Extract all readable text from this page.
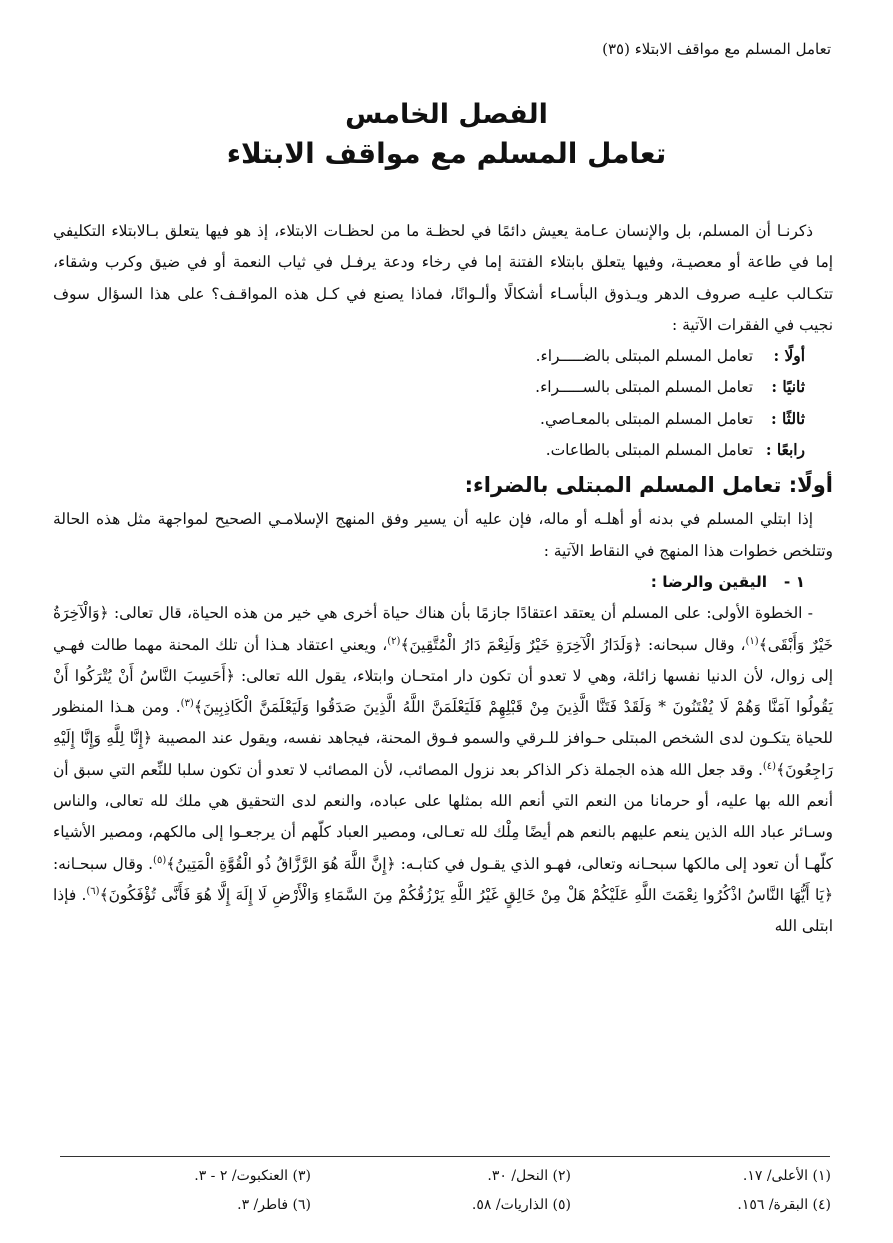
تعامل المسلم مع مواقف الابتلاء (٣٥)
الفصل الخامس
تعامل المسلم مع مواقف الابتلاء

ذكرنـا أن المسلم، بل والإنسان عـامة يعيش دائمًا في لحظـة ما من لحظـات الابتلاء، إذ هو فيها يتعلق بـالابتلاء التكليفي إما في طاعة أو معصيـة، وفيها يتعلق بابتلاء الفتنة إما في رخاء ودعة يرفـل في ثياب النعمة أو في ضيق وكرب وشقاء، تتكـالب عليـه صروف الدهر ويـذوق البأسـاء أشكالًا وألـوانًا، فماذا يصنع في كـل هذه المواقـف؟ على هذا السؤال سوف نجيب في الفقرات الآتية :

أولًا :تعامل المسلم المبتلى بالضـــــراء.

ثانيًا :تعامل المسلم المبتلى بالســـــراء.

ثالثًا :تعامل المسلم المبتلى بالمعـاصي.

رابعًا :تعامل المسلم المبتلى بالطاعات.

أولًا: تعامل المسلم المبتلى بالضراء:

إذا ابتلي المسلم في بدنه أو أهلـه أو ماله، فإن عليه أن يسير وفق المنهج الإسلامـي الصحيح لمواجهة مثل هذه الحالة وتتلخص خطوات هذا المنهج في النقاط الآتية :

١ -اليقين والرضا :

- الخطوة الأولى: على المسلم أن يعتقد اعتقادًا جازمًا بأن هناك حياة أخرى هي خير من هذه الحياة، قال تعالى: ﴿وَالْآخِرَةُ خَيْرٌ وَأَبْقَى﴾$^{(١)}$، وقال سبحانه: ﴿وَلَدَارُ الْآخِرَةِ خَيْرٌ وَلَنِعْمَ دَارُ الْمُتَّقِينَ﴾$^{(٢)}$، ويعني اعتقاد هـذا أن تلك المحنة مهما طالت فهـي إلى زوال، لأن الدنيا نفسها زائلة، وهي لا تعدو أن تكون دار امتحـان وابتلاء، يقول الله تعالى: ﴿أَحَسِبَ النَّاسُ أَنْ يُتْرَكُوا أَنْ يَقُولُوا آمَنَّا وَهُمْ لَا يُفْتَنُونَ * وَلَقَدْ فَتَنَّا الَّذِينَ مِنْ قَبْلِهِمْ فَلَيَعْلَمَنَّ اللَّهُ الَّذِينَ صَدَقُوا وَلَيَعْلَمَنَّ الْكَاذِبِينَ﴾$^{(٣)}$. ومن هـذا المنظور للحياة يتكـون لدى الشخص المبتلى حـوافز للـرقي والسمو فـوق المحنة، فيجاهد نفسه، ويقول عند المصيبة ﴿إِنَّا لِلَّهِ وَإِنَّا إِلَيْهِ رَاجِعُونَ﴾$^{(٤)}$. وقد جعل الله هذه الجملة ذكر الذاكر بعد نزول المصائب، لأن المصائب لا تعدو أن تكون سلبا للنِّعم التي سبق أن أنعم الله بها عليه، أو حرمانا من النعم التي أنعم الله بمثلها على عباده، والنعم لدى التحقيق هي ملك لله تعالى، والناس وسـائر عباد الله الذين ينعم عليهم بالنعم هم أيضًا مِلْك لله تعـالى، ومصير العباد كلّهم أن يرجعـوا إلى مالكهم، ومصير الأشياء كلّهـا أن تعود إلى مالكها سبحـانه وتعالى، فهـو الذي يقـول في كتابـه: ﴿إِنَّ اللَّهَ هُوَ الرَّزَّاقُ ذُو الْقُوَّةِ الْمَتِينُ﴾$^{(٥)}$. وقال سبحـانه: ﴿يَا أَيُّهَا النَّاسُ اذْكُرُوا نِعْمَتَ اللَّهِ عَلَيْكُمْ هَلْ مِنْ خَالِقٍ غَيْرُ اللَّهِ يَرْزُقُكُمْ مِنَ السَّمَاءِ وَالْأَرْضِ لَا إِلَهَ إِلَّا هُوَ فَأَنَّى تُؤْفَكُونَ﴾$^{(٦)}$. فإذا ابتلى الله

(١) الأعلى/ ١٧.
(٢) النحل/ ٣٠.
(٣) العنكبوت/ ٢ - ٣.
(٤) البقرة/ ١٥٦.
(٥) الذاريات/ ٥٨.
(٦) فاطر/ ٣.
